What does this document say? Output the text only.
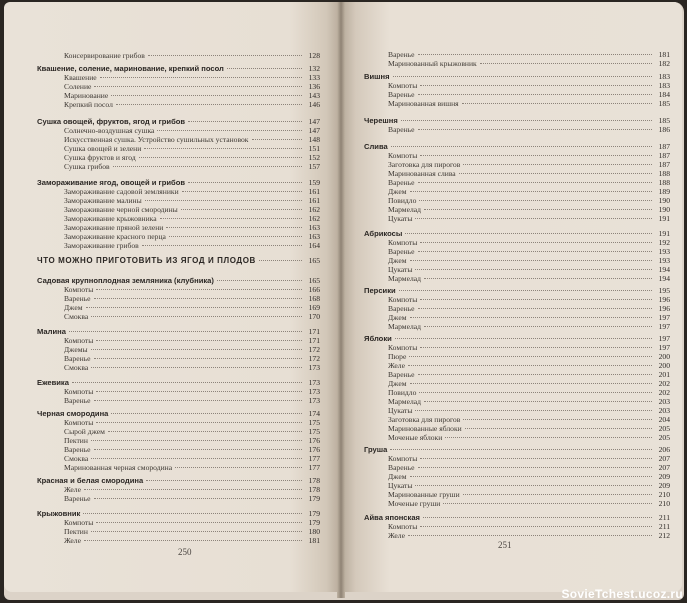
250
Консервирование грибов	128
Квашение, соление, маринование, крепкий посол	132
Квашение	133
Соление	136
Маринование	143
Крепкий посол	146
Сушка овощей, фруктов, ягод и грибов	147
Солнечно-воздушная сушка	147
Искусственная сушка. Устройство сушильных установок	148
Сушка овощей и зелени	151
Сушка фруктов и ягод	152
Сушка грибов	157
Замораживание ягод, овощей и грибов	159
Замораживание садовой земляники	161
Замораживание малины	161
Замораживание черной смородины	162
Замораживание крыжовника	162
Замораживание пряной зелени	163
Замораживание красного перца	163
Замораживание грибов	164
ЧТО МОЖНО ПРИГОТОВИТЬ ИЗ ЯГОД И ПЛОДОВ	165
Садовая крупноплодная земляника (клубника)	165
Компоты	166
Варенье	168
Джем	169
Смоква	170
Малина	171
Компоты	171
Джемы	172
Варенье	172
Смоква	173
Ежевика	173
Компоты	173
Варенье	173
Черная смородина	174
Компоты	175
Сырой джем	175
Пектин	176
Варенье	176
Смоква	177
Маринованная черная смородина	177
Красная и белая смородина	178
Желе	178
Варенье	179
Крыжовник	179
Компоты	179
Пектин	180
Желе	181	251
Варенье	181
Маринованный крыжовник	182
Вишня	183
Компоты	183
Варенье	184
Маринованная вишня	185
Черешня	185
Варенье	186
Слива	187
Компоты	187
Заготовка для пирогов	187
Маринованная слива	188
Варенье	188
Джем	189
Повидло	190
Мармелад	190
Цукаты	191
Абрикосы	191
Компоты	192
Варенье	193
Джем	193
Цукаты	194
Мармелад	194
Персики	195
Компоты	196
Варенье	196
Джем	197
Мармелад	197
Яблоки	197
Компоты	197
Пюре	200
Желе	200
Варенье	201
Джем	202
Повидло	202
Мармелад	203
Цукаты	203
Заготовка для пирогов	204
Маринованные яблоки	205
Моченые яблоки	205
Груша	206
Компоты	207
Варенье	207
Джем	209
Цукаты	209
Маринованные груши	210
Моченые груши	210
Айва японская	211
Компоты	211
Желе	212
SovieTchest.ucoz.ru
